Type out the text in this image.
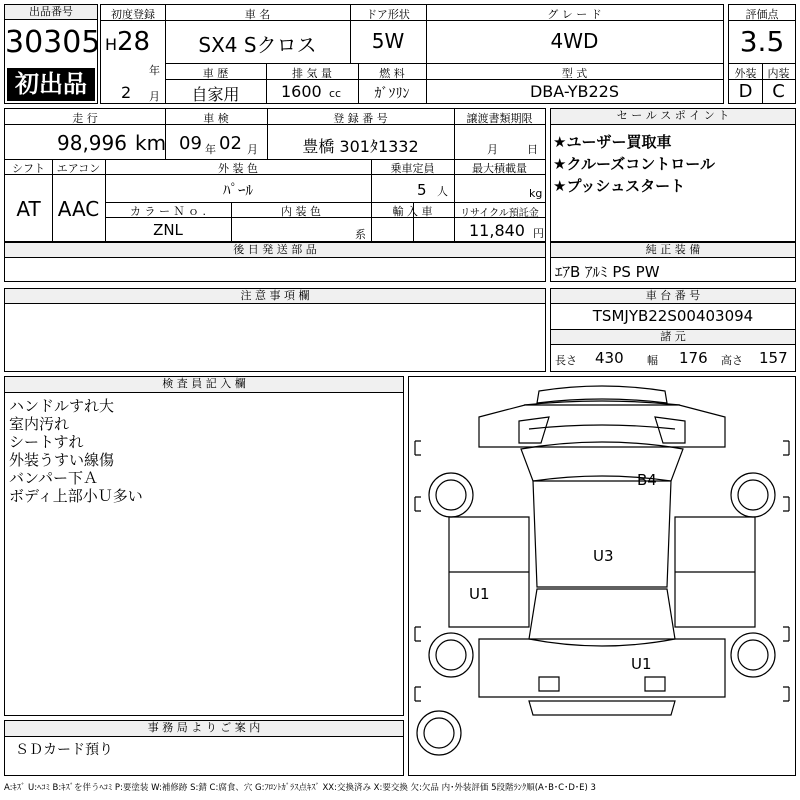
出品番号
30305
初出品
初度登録	車 名	ドア形状	グ レ ー ド
H 28
年
2 月
SX4 Sクロス	5W	4WD
車 歴	排 気 量	燃 料	型 式
自家用	1600 cc	ｶﾞｿﾘﾝ	DBA-YB22S
評価点
3.5
外装	内装
D	C
走 行	車 検	登 録 番 号	譲渡書類期限
98,996 km 09 年 02 月	豊橋 301ﾀ1332	月	日
シフト	エアコン	外 装 色	乗車定員	最大積載量
AT AAC
ﾊﾟｰﾙ	5 人	kg
カ ラ ー Ｎ ｏ .	内 装 色	輸 入 車	リサイクル預託金
ZNL	系	11,840 円
セ ー ル ス ポ イ ン ト
★ユーザー買取車
★クルーズコントロール
★プッシュスタート
後 日 発 送 部 品	純 正 装 備
ｴｱB ｱﾙﾐ PS PW
注 意 事 項 欄	車 台 番 号
TSMJYB22S00403094
諸 元
長さ 430 幅 176 高さ 157
検 査 員 記 入 欄
ハンドルすれ大
室内汚れ
シートすれ
外装うすい線傷
バンパー下Ａ
ボディ上部小Ｕ多い
事 務 局 よ り ご 案 内
ＳＤカード預り
B4
U3
U1
U1
A:ｷｽﾞ U:ﾍｺﾐ B:ｷｽﾞを伴うﾍｺﾐ P:要塗装 W:補修跡 S:錆 C:腐食、穴 G:ﾌﾛﾝﾄｶﾞﾗｽ点ｷｽﾞ XX:交換済み X:要交換 欠:欠品 内･外装評価 5段階ﾗﾝｸ順(A･B･C･D･E) 3
